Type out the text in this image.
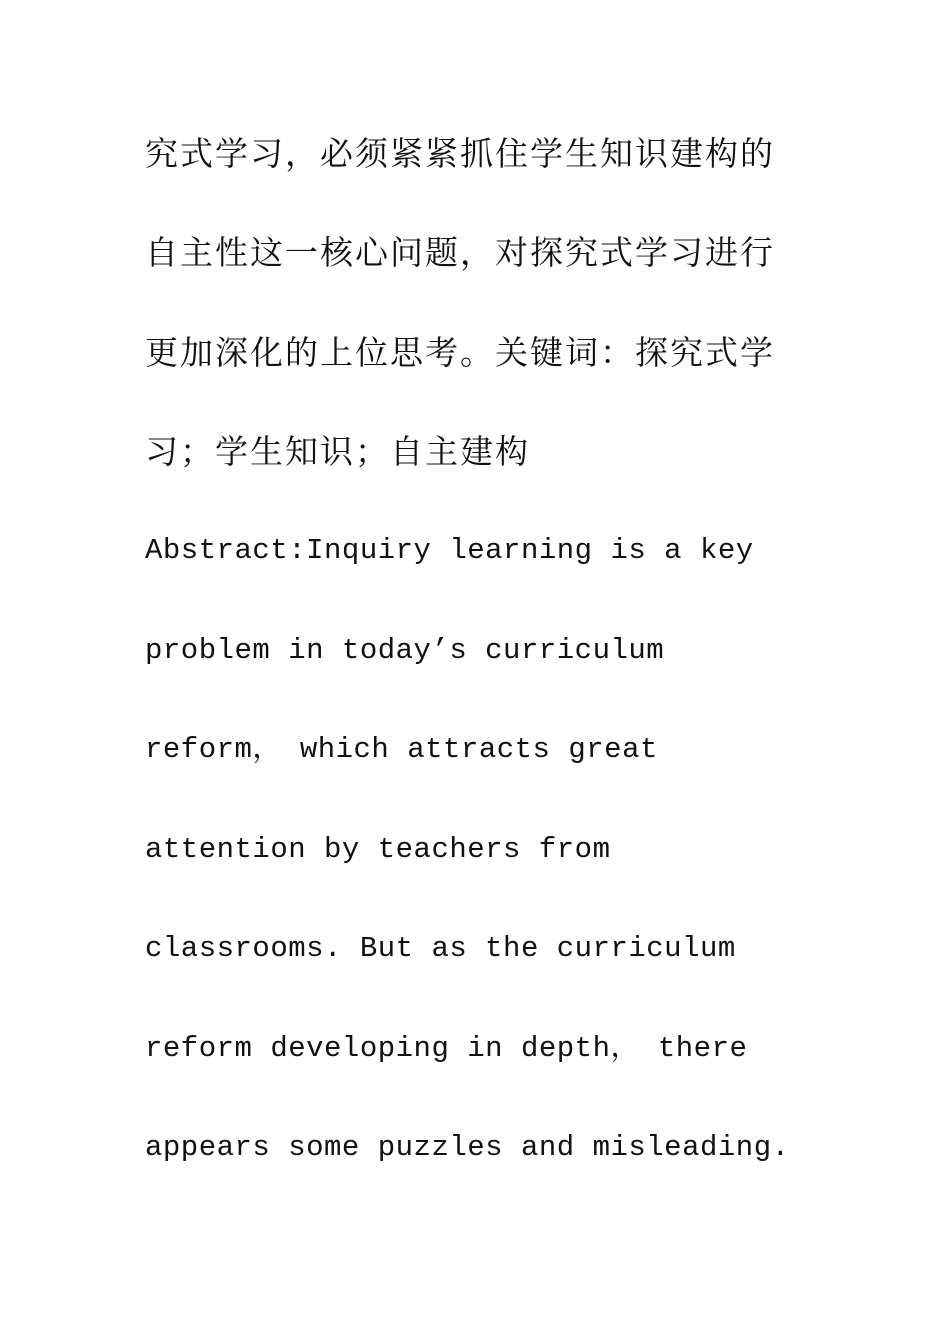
究式学习，必须紧紧抓住学生知识建构的
自主性这一核心问题，对探究式学习进行
更加深化的上位思考。关键词：探究式学
习；学生知识；自主建构
Abstract:Inquiry learning is a key
problem in today’s curriculum
reform， which attracts great
attention by teachers from
classrooms. But as the curriculum
reform developing in depth， there
appears some puzzles and misleading.
